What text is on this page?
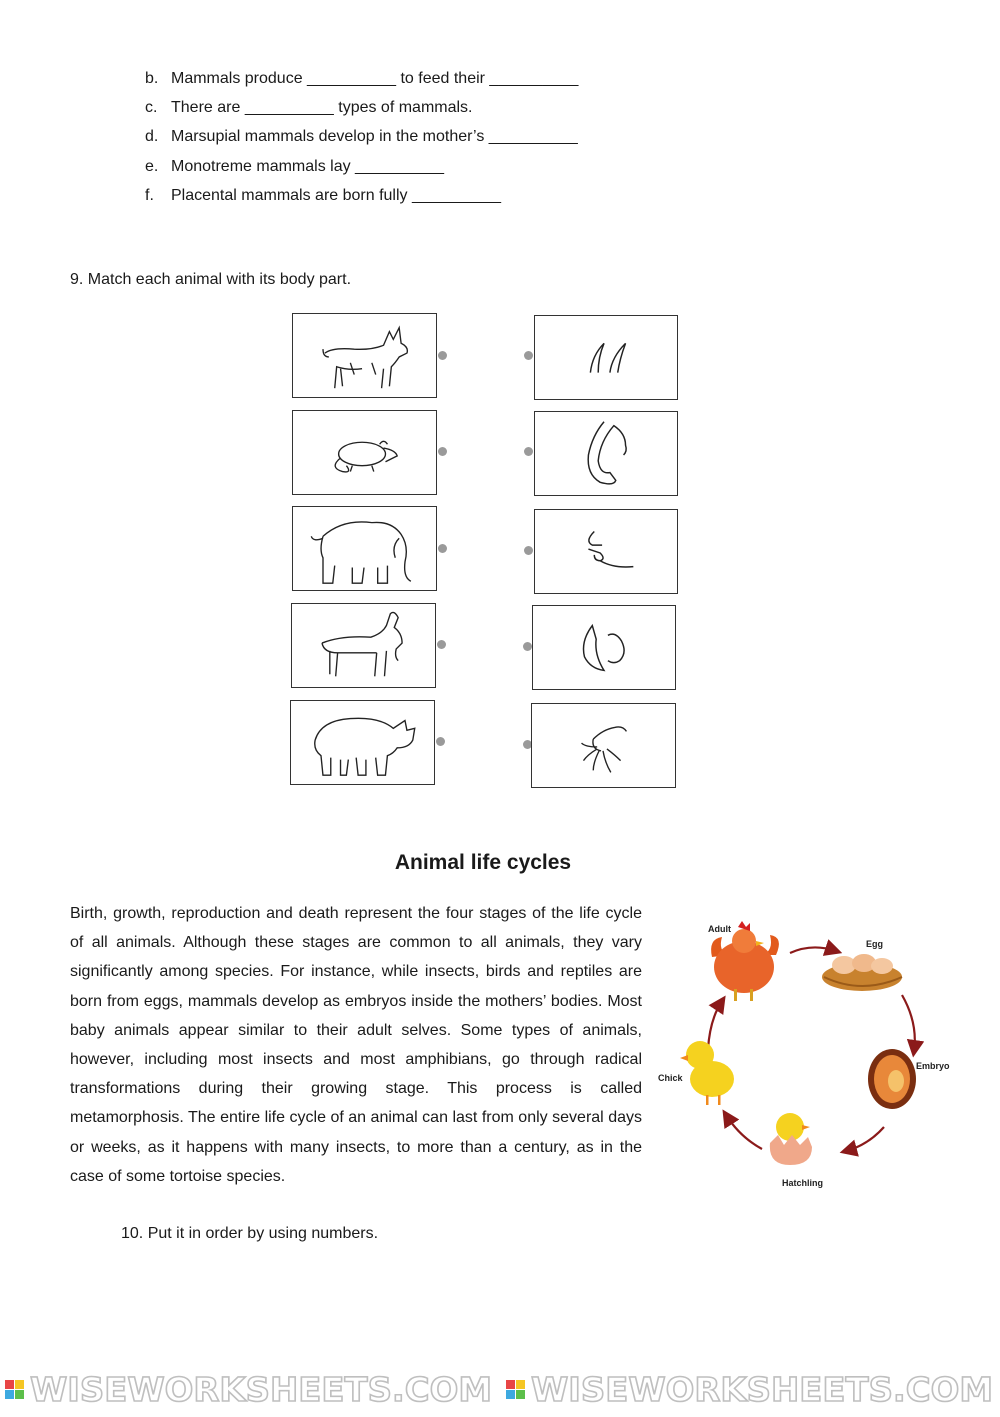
b. Mammals produce __________ to feed their __________
c. There are __________ types of mammals.
d. Marsupial mammals develop in the mother’s __________
e. Monotreme mammals lay __________
f. Placental mammals are born fully __________
9. Match each animal with its body part.
Animal life cycles
Birth, growth, reproduction and death represent the four stages of the life cycle of all animals. Although these stages are common to all animals, they vary significantly among species. For instance, while insects, birds and reptiles are born from eggs, mammals develop as embryos inside the mothers’ bodies. Most baby animals appear similar to their adult selves. Some types of animals, however, including most insects and most amphibians, go through radical transformations during their growing stage. This process is called metamorphosis. The entire life cycle of an animal can last from only several days or weeks, as it happens with many insects, to more than a century, as in the case of some tortoise species.
Adult
Egg
Embryo
Hatchling
Chick
10. Put it in order by using numbers.
WISEWORKSHEETS.COM WISEWORKSHEETS.COM
